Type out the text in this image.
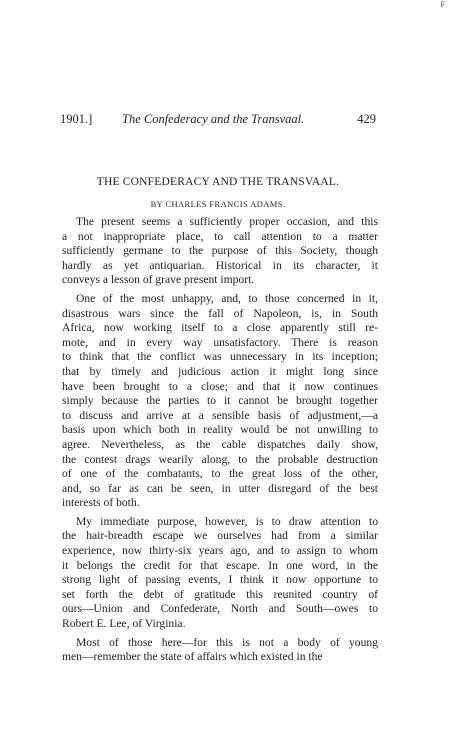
F
1901.] The Confederacy and the Transvaal.	429
THE CONFEDERACY AND THE TRANSVAAL.
BY CHARLES FRANCIS ADAMS.

The present seems a sufficiently proper occasion, and this
a not inappropriate place, to call attention to a matter
sufficiently germane to the purpose of this Society, though
hardly as yet antiquarian. Historical in its character, it
conveys a lesson of grave present import.

One of the most unhappy, and, to those concerned in it,
disastrous wars since the fall of Napoleon, is, in South
Africa, now working itself to a close apparently still re-
mote, and in every way unsatisfactory. There is reason
to think that the conflict was unnecessary in its inception;
that by timely and judicious action it might long since
have been brought to a close; and that it now continues
simply because the parties to it cannot be brought together
to discuss and arrive at a sensible basis of adjustment,—a
basis upon which both in reality would be not unwilling to
agree. Nevertheless, as the cable dispatches daily show,
the contest drags wearily along, to the probable destruction
of one of the combatants, to the great loss of the other,
and, so far as can be seen, in utter disregard of the best
interests of both.

My immediate purpose, however, is to draw attention to
the hair-breadth escape we ourselves had from a similar
experience, now thirty-six years ago, and to assign to whom
it belongs the credit for that escape. In one word, in the
strong light of passing events, I think it now opportune to
set forth the debt of gratitude this reunited country of
ours—Union and Confederate, North and South—owes to
Robert E. Lee, of Virginia.

Most of those here—for this is not a body of young
men—remember the state of affairs which existed in the
